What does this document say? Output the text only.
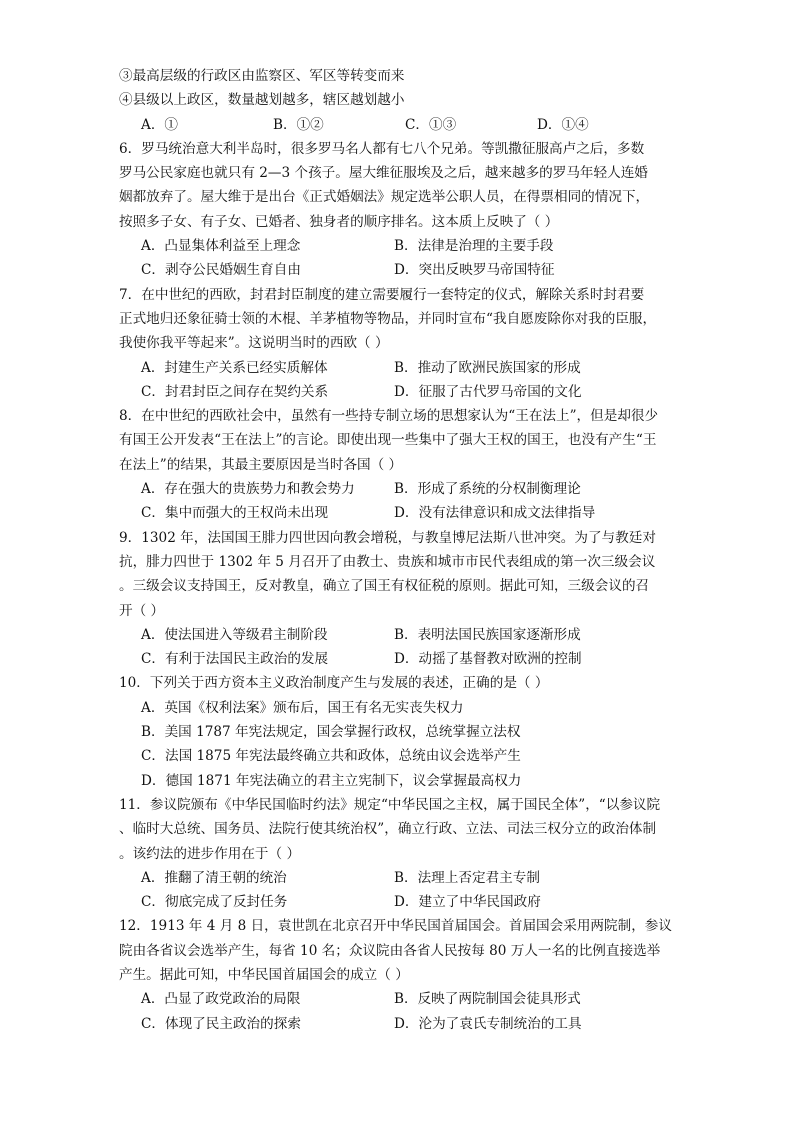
③最高层级的行政区由监察区、军区等转变而来
④县级以上政区，数量越划越多，辖区越划越小
A．①	B．①②	C．①③	D．①④
6．罗马统治意大利半岛时，很多罗马名人都有七八个兄弟。等凯撒征服高卢之后，多数
罗马公民家庭也就只有 2—3 个孩子。屋大维征服埃及之后，越来越多的罗马年轻人连婚
姻都放弃了。屋大维于是出台《正式婚姻法》规定选举公职人员，在得票相同的情况下，
按照多子女、有子女、已婚者、独身者的顺序排名。这本质上反映了（ ）
A．凸显集体利益至上理念	B．法律是治理的主要手段
C．剥夺公民婚姻生育自由	D．突出反映罗马帝国特征
7．在中世纪的西欧，封君封臣制度的建立需要履行一套特定的仪式，解除关系时封君要
正式地归还象征骑士领的木棍、羊茅植物等物品，并同时宣布“我自愿废除你对我的臣服，
我使你我平等起来”。这说明当时的西欧（ ）
A．封建生产关系已经实质解体	B．推动了欧洲民族国家的形成
C．封君封臣之间存在契约关系	D．征服了古代罗马帝国的文化
8．在中世纪的西欧社会中，虽然有一些持专制立场的思想家认为“王在法上”，但是却很少
有国王公开发表“王在法上”的言论。即使出现一些集中了强大王权的国王，也没有产生“王
在法上”的结果，其最主要原因是当时各国（ ）
A．存在强大的贵族势力和教会势力	B．形成了系统的分权制衡理论
C．集中而强大的王权尚未出现	D．没有法律意识和成文法律指导
9．1302 年，法国国王腓力四世因向教会增税，与教皇博尼法斯八世冲突。为了与教廷对
抗，腓力四世于 1302 年 5 月召开了由教士、贵族和城市市民代表组成的第一次三级会议
。三级会议支持国王，反对教皇，确立了国王有权征税的原则。据此可知，三级会议的召
开（ ）
A．使法国进入等级君主制阶段	B．表明法国民族国家逐渐形成
C．有利于法国民主政治的发展	D．动摇了基督教对欧洲的控制
10．下列关于西方资本主义政治制度产生与发展的表述，正确的是（ ）
A．英国《权利法案》颁布后，国王有名无实丧失权力
B．美国 1787 年宪法规定，国会掌握行政权，总统掌握立法权
C．法国 1875 年宪法最终确立共和政体，总统由议会选举产生
D．德国 1871 年宪法确立的君主立宪制下，议会掌握最高权力
11．参议院颁布《中华民国临时约法》规定“中华民国之主权，属于国民全体”，“以参议院
、临时大总统、国务员、法院行使其统治权”，确立行政、立法、司法三权分立的政治体制
。该约法的进步作用在于（ ）
A．推翻了清王朝的统治	B．法理上否定君主专制
C．彻底完成了反封任务	D．建立了中华民国政府
12．1913 年 4 月 8 日，袁世凯在北京召开中华民国首届国会。首届国会采用两院制，参议
院由各省议会选举产生，每省 10 名；众议院由各省人民按每 80 万人一名的比例直接选举
产生。据此可知，中华民国首届国会的成立（ ）
A．凸显了政党政治的局限	B．反映了两院制国会徒具形式
C．体现了民主政治的探索	D．沦为了袁氏专制统治的工具
